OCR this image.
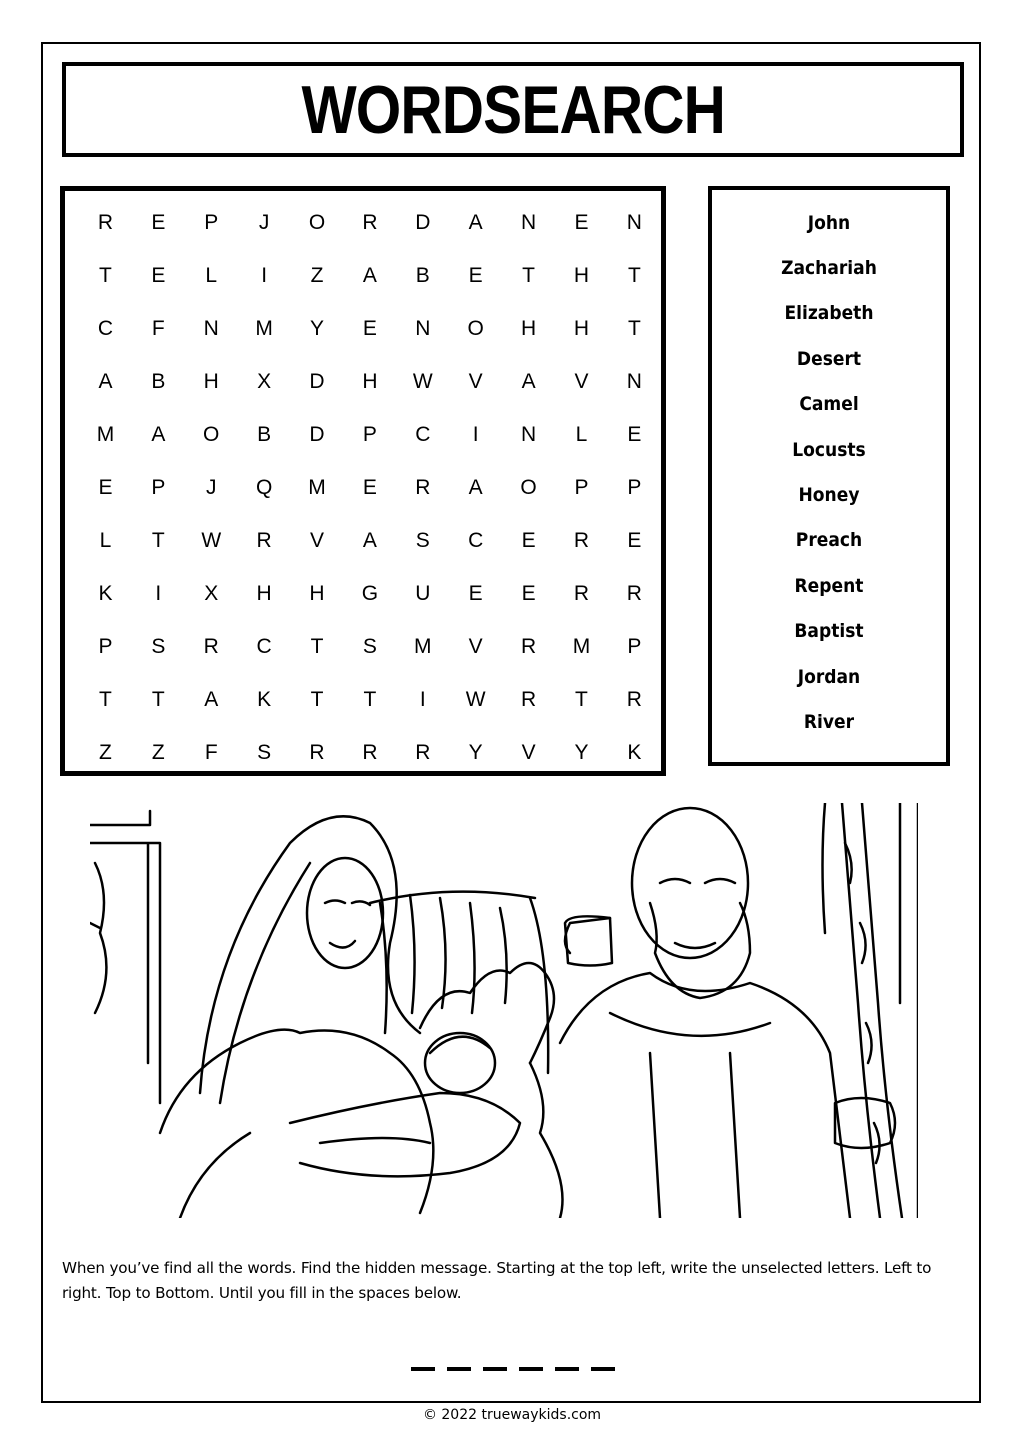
WORDSEARCH
R	E	P	J	O	R	D	A	N	E	N
T	E	L	I	Z	A	B	E	T	H	T
C	F	N	M	Y	E	N	O	H	H	T
A	B	H	X	D	H	W	V	A	V	N
M	A	O	B	D	P	C	I	N	L	E
E	P	J	Q	M	E	R	A	O	P	P
L	T	W	R	V	A	S	C	E	R	E
K	I	X	H	H	G	U	E	E	R	R
P	S	R	C	T	S	M	V	R	M	P
T	T	A	K	T	T	I	W	R	T	R
Z	Z	F	S	R	R	R	Y	V	Y	K
John
Zachariah
Elizabeth
Desert
Camel
Locusts
Honey
Preach
Repent
Baptist
Jordan
River
When you’ve find all the words. Find the hidden message. Starting at the top left, write the unselected letters. Left to right. Top to Bottom. Until you fill in the spaces below.
© 2022 truewaykids.com
